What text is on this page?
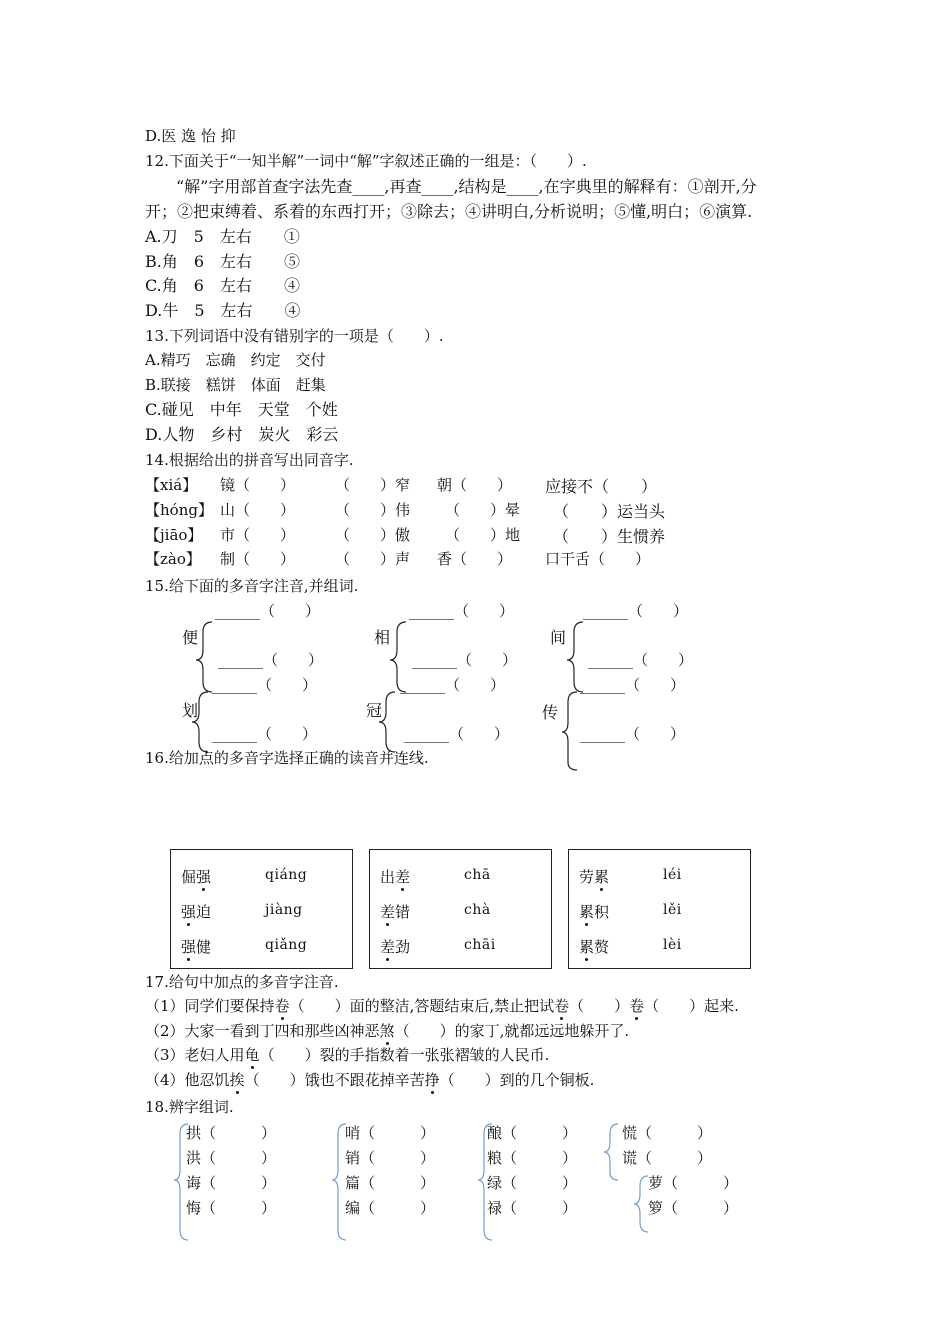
D.医 逸 怡 抑
12.下面关于“一知半解”一词中“解”字叙述正确的一组是：（　　）.
“解”字用部首查字法先查____,再查____,结构是____,在字典里的解释有：①剖开,分
开；②把束缚着、系着的东西打开；③除去；④讲明白,分析说明；⑤懂,明白；⑥演算.
A.刀　5　左右　　①
B.角　6　左右　　⑤
C.角　6　左右　　④
D.牛　5　左右　　④
13.下列词语中没有错别字的一项是（　　）.
A.精巧　忘确　约定　交付
B.联接　糕饼　体面　赶集
C.碰见　中年　天堂　个姓
D.人物　乡村　炭火　彩云
14.根据给出的拼音写出同音字.
【xiá】 镜（　　）	（　　）窄 朝（　　） 应接不（　　）
【hóng】 山（　　）	（　　）伟 （　　）晕 （　　）运当头
【jiāo】 市（　　）	（　　）傲 （　　）地 （　　）生惯养
【zào】 制（　　）	（　　）声 香（　　） 口干舌（　　）
15.给下面的多音字注音,并组词.
便	相	间
划	冠	传
______（　　）
______（　　）
______（　　）
______（　　）
______（　　）
______（　　）
______（　　）
______（　　）
______（　　）
______（　　）
______（　　）
______（　　）
16.给加点的多音字选择正确的读音并连线.
倔强
强迫
强健
qiáng
jiàng
qiǎng
出差
差错
差劲
chā
chà
chāi
劳累
累积
累赘
léi
lěi
lèi
17.给句中加点的多音字注音.
（1）同学们要保持卷（　　）面的整洁,答题结束后,禁止把试卷（　　）卷（　　）起来.
（2）大家一看到丁四和那些凶神恶煞（　　）的家丁,就都远远地躲开了.
（3）老妇人用龟（　　）裂的手指数着一张张褶皱的人民币.
（4）他忍饥挨（　　）饿也不跟花掉辛苦挣（　　）到的几个铜板.
18.辨字组词.
拱（　　　）
洪（　　　）
诲（　　　）
悔（　　　）
哨（　　　）
销（　　　）
篇（　　　）
编（　　　）
酿（　　　）
粮（　　　）
绿（　　　）
禄（　　　）
慌（　　　）
谎（　　　）
萝（　　　）
箩（　　　）
